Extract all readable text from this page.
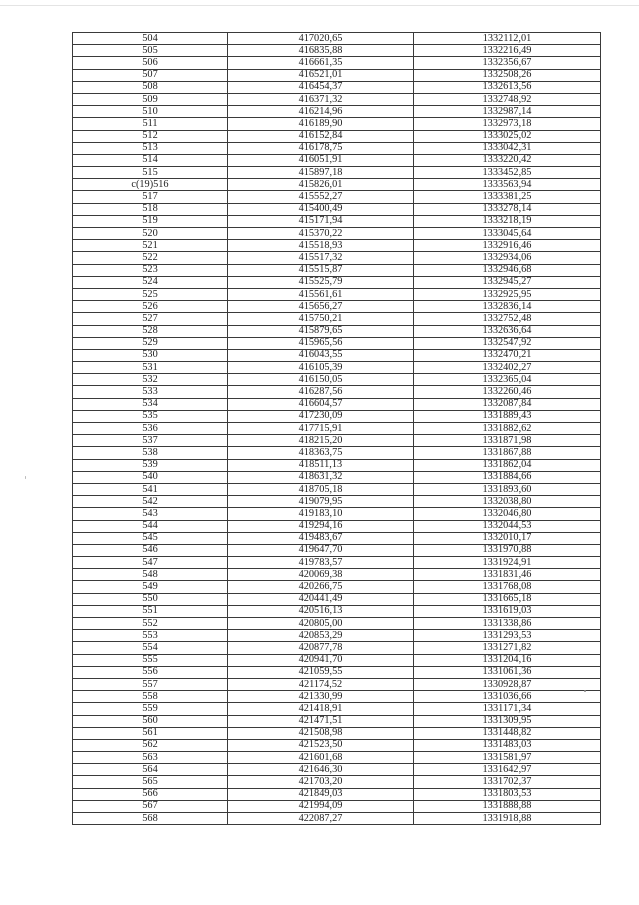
504	417020,65	1332112,01
505	416835,88	1332216,49
506	416661,35	1332356,67
507	416521,01	1332508,26
508	416454,37	1332613,56
509	416371,32	1332748,92
510	416214,96	1332987,14
511	416189,90	1332973,18
512	416152,84	1333025,02
513	416178,75	1333042,31
514	416051,91	1333220,42
515	415897,18	1333452,85
c(19)516	415826,01	1333563,94
517	415552,27	1333381,25
518	415400,49	1333278,14
519	415171,94	1333218,19
520	415370,22	1333045,64
521	415518,93	1332916,46
522	415517,32	1332934,06
523	415515,87	1332946,68
524	415525,79	1332945,27
525	415561,61	1332925,95
526	415656,27	1332836,14
527	415750,21	1332752,48
528	415879,65	1332636,64
529	415965,56	1332547,92
530	416043,55	1332470,21
531	416105,39	1332402,27
532	416150,05	1332365,04
533	416287,56	1332260,46
534	416604,57	1332087,84
535	417230,09	1331889,43
536	417715,91	1331882,62
537	418215,20	1331871,98
538	418363,75	1331867,88
539	418511,13	1331862,04
540	418631,32	1331884,66
541	418705,18	1331893,60
542	419079,95	1332038,80
543	419183,10	1332046,80
544	419294,16	1332044,53
545	419483,67	1332010,17
546	419647,70	1331970,88
547	419783,57	1331924,91
548	420069,38	1331831,46
549	420266,75	1331768,08
550	420441,49	1331665,18
551	420516,13	1331619,03
552	420805,00	1331338,86
553	420853,29	1331293,53
554	420877,78	1331271,82
555	420941,70	1331204,16
556	421059,55	1331061,36
557	421174,52	1330928,87
558	421330,99	1331036,66
559	421418,91	1331171,34
560	421471,51	1331309,95
561	421508,98	1331448,82
562	421523,50	1331483,03
563	421601,68	1331581,97
564	421646,30	1331642,97
565	421703,20	1331702,37
566	421849,03	1331803,53
567	421994,09	1331888,88
568	422087,27	1331918,88
